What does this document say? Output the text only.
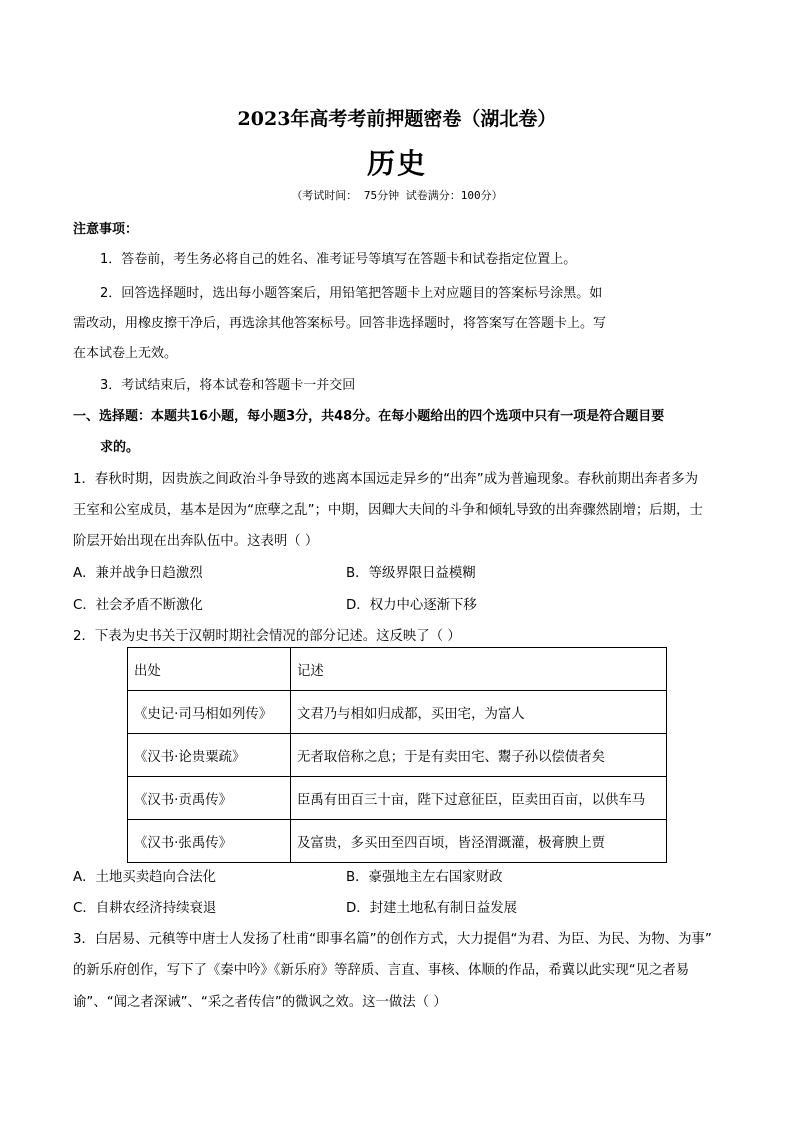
2023年高考考前押题密卷（湖北卷）
历史
（考试时间： 75分钟 试卷满分：100分）
注意事项：
1．答卷前，考生务必将自己的姓名、准考证号等填写在答题卡和试卷指定位置上。
2．回答选择题时，选出每小题答案后，用铅笔把答题卡上对应题目的答案标号涂黑。如
需改动，用橡皮擦干净后，再选涂其他答案标号。回答非选择题时，将答案写在答题卡上。写
在本试卷上无效。
3．考试结束后，将本试卷和答题卡一并交回
一、选择题：本题共16小题，每小题3分，共48分。在每小题给出的四个选项中只有一项是符合题目要
求的。
1．春秋时期，因贵族之间政治斗争导致的逃离本国远走异乡的“出奔”成为普遍现象。春秋前期出奔者多为
王室和公室成员，基本是因为“庶孽之乱”；中期，因卿大夫间的斗争和倾轧导致的出奔骤然剧增；后期，士
阶层开始出现在出奔队伍中。这表明（ ）
A．兼并战争日趋激烈	B．等级界限日益模糊
C．社会矛盾不断激化	D．权力中心逐渐下移
2．下表为史书关于汉朝时期社会情况的部分记述。这反映了（ ）
出处	记述
《史记·司马相如列传》	文君乃与相如归成都，买田宅，为富人
《汉书·论贵粟疏》	无者取倍称之息；于是有卖田宅、鬻子孙以偿债者矣
《汉书·贡禹传》	臣禹有田百三十亩，陛下过意征臣，臣卖田百亩，以供车马
《汉书·张禹传》	及富贵，多买田至四百顷，皆泾渭溉灌，极膏腴上贾
A．土地买卖趋向合法化	B．豪强地主左右国家财政
C．自耕农经济持续衰退	D．封建土地私有制日益发展
3．白居易、元稹等中唐士人发扬了杜甫“即事名篇”的创作方式，大力提倡“为君、为臣、为民、为物、为事”
的新乐府创作，写下了《秦中吟》《新乐府》等辞质、言直、事核、体顺的作品，希冀以此实现“见之者易
谕”、“闻之者深诫”、“采之者传信”的微讽之效。这一做法（ ）
